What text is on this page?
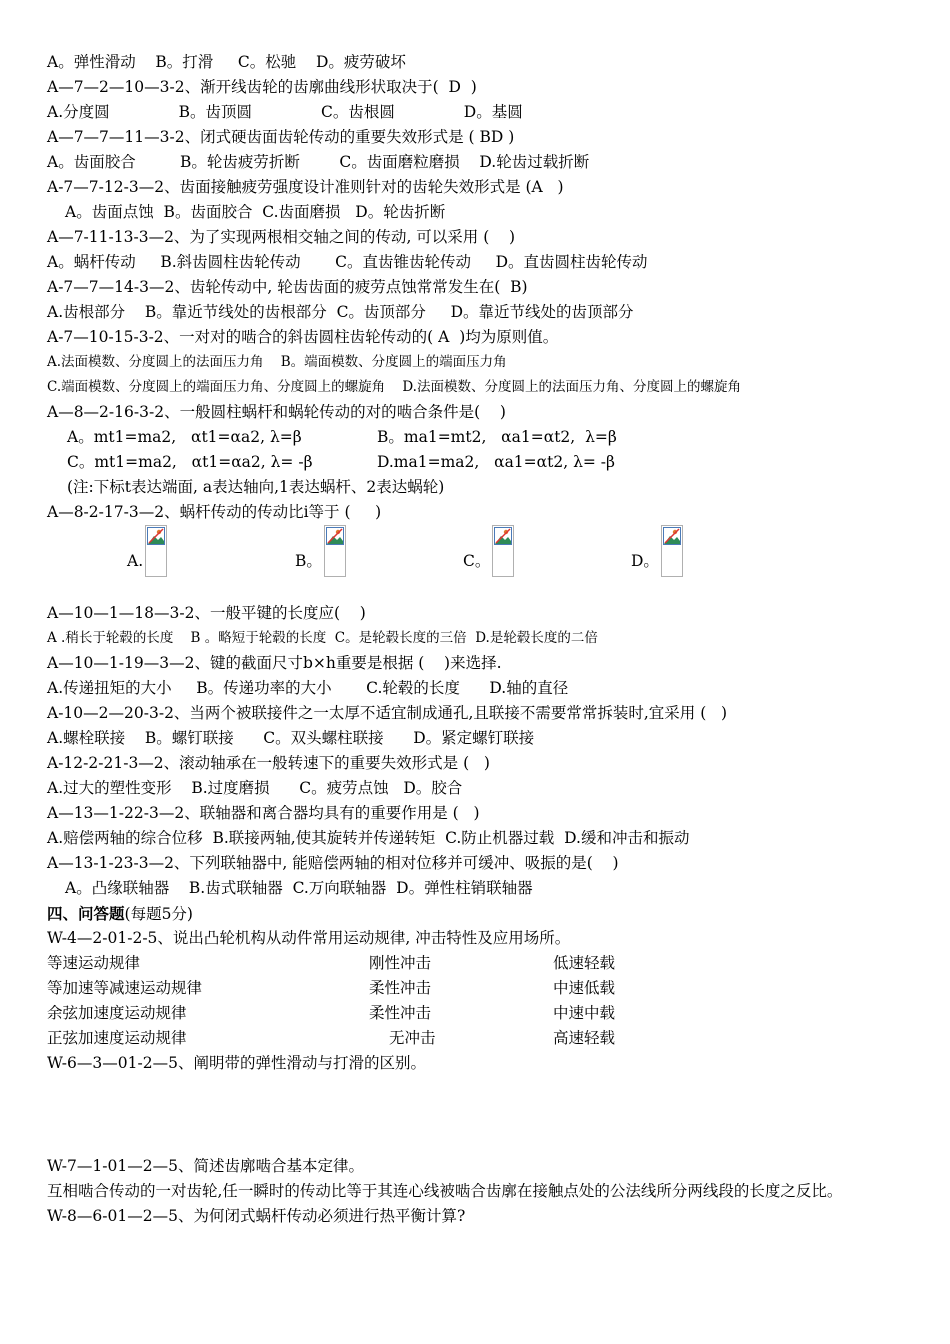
A。弹性滑动    B。打滑     C。松驰    D。疲劳破坏
A—7—2—10—3-2、渐开线齿轮的齿廓曲线形状取决于(  D  )
A.分度圆              B。齿顶圆              C。齿根圆              D。基圆
A—7—7—11—3-2、闭式硬齿面齿轮传动的重要失效形式是 ( BD )
A。齿面胶合         B。轮齿疲劳折断        C。齿面磨粒磨损    D.轮齿过载折断
A-7—7-12-3—2、齿面接触疲劳强度设计准则针对的齿轮失效形式是 (A   )
A。齿面点蚀  B。齿面胶合  C.齿面磨损   D。轮齿折断
A—7-11-13-3—2、为了实现两根相交轴之间的传动, 可以采用 (    )
A。蜗杆传动     B.斜齿圆柱齿轮传动       C。直齿锥齿轮传动     D。直齿圆柱齿轮传动
A-7—7—14-3—2、齿轮传动中, 轮齿齿面的疲劳点蚀常常发生在(  B)
A.齿根部分    B。靠近节线处的齿根部分  C。齿顶部分     D。靠近节线处的齿顶部分
A-7—10-15-3-2、一对对的啮合的斜齿圆柱齿轮传动的( A  )均为原则值。
A.法面模数、分度圆上的法面压力角 B。端面模数、分度圆上的端面压力角
C.端面模数、分度圆上的端面压力角、分度圆上的螺旋角 D.法面模数、分度圆上的法面压力角、分度圆上的螺旋角
A—8—2-16-3-2、一般圆柱蜗杆和蜗轮传动的对的啮合条件是(    )
A。mt1=ma2,   αt1=αa2, λ=β	B。ma1=mt2,   αa1=αt2,  λ=β
C。mt1=ma2,   αt1=αa2, λ= -β	D.ma1=ma2,   αa1=αt2, λ= -β
(注:下标t表达端面, a表达轴向,1表达蜗杆、2表达蜗轮)
A—8-2-17-3—2、蜗杆传动的传动比i等于 (     )
A.	B。	C。	D。
A—10—1—18—3-2、一般平键的长度应(    )
A .稍长于轮毂的长度    B 。略短于轮毂的长度  C。是轮毂长度的三倍  D.是轮毂长度的二倍
A—10—1-19—3—2、键的截面尺寸b×h重要是根据 (    )来选择.
A.传递扭矩的大小     B。传递功率的大小       C.轮毂的长度      D.轴的直径
A-10—2—20-3-2、当两个被联接件之一太厚不适宜制成通孔,且联接不需要常常拆装时,宜采用 (   )
A.螺栓联接    B。螺钉联接      C。双头螺柱联接      D。紧定螺钉联接
A-12-2-21-3—2、滚动轴承在一般转速下的重要失效形式是 (   )
A.过大的塑性变形    B.过度磨损      C。疲劳点蚀   D。胶合
A—13—1-22-3—2、联轴器和离合器均具有的重要作用是 (   )
A.赔偿两轴的综合位移  B.联接两轴,使其旋转并传递转矩  C.防止机器过载  D.缓和冲击和振动
A—13-1-23-3—2、下列联轴器中, 能赔偿两轴的相对位移并可缓冲、吸振的是(    )
A。凸缘联轴器    B.齿式联轴器  C.万向联轴器  D。弹性柱销联轴器
四、问答题(每题5分)
W-4—2-01-2-5、说出凸轮机构从动件常用运动规律, 冲击特性及应用场所。
等速运动规律	刚性冲击	低速轻载
等加速等减速运动规律	柔性冲击	中速低载
余弦加速度运动规律	柔性冲击	中速中载
正弦加速度运动规律	无冲击	高速轻载
W-6—3—01-2—5、阐明带的弹性滑动与打滑的区别。
W-7—1-01—2—5、简述齿廓啮合基本定律。
互相啮合传动的一对齿轮,任一瞬时的传动比等于其连心线被啮合齿廓在接触点处的公法线所分两线段的长度之反比。
W-8—6-01—2—5、为何闭式蜗杆传动必须进行热平衡计算?
